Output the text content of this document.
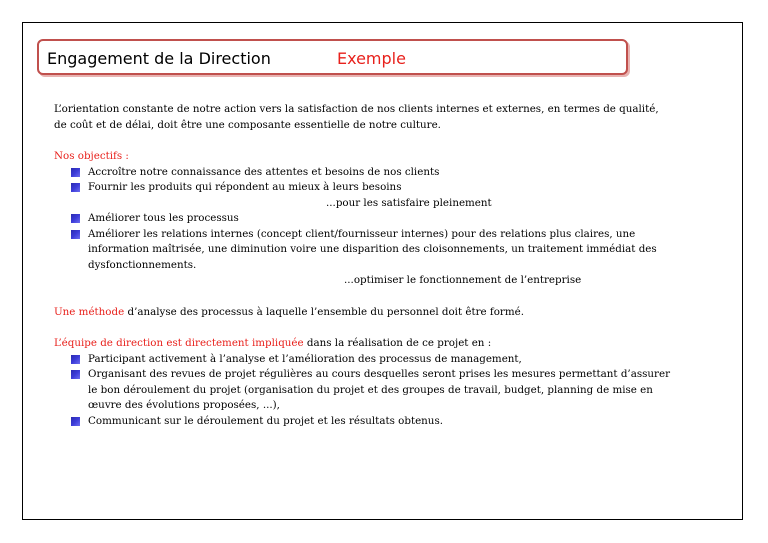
Engagement de la Direction	Exemple

L’orientation constante de notre action vers la satisfaction de nos clients internes et externes, en termes de qualité, de coût et de délai, doit être une composante essentielle de notre culture.

Nos objectifs :

Accroître notre connaissance des attentes et besoins de nos clients
Fournir les produits qui répondent au mieux à leurs besoins

...pour les satisfaire pleinement

Améliorer tous les processus
Améliorer les relations internes (concept client/fournisseur internes) pour des relations plus claires, une information maîtrisée, une diminution voire une disparition des cloisonnements, un traitement immédiat des dysfonctionnements.

...optimiser le fonctionnement de l’entreprise

Une méthode d’analyse des processus à laquelle l’ensemble du personnel doit être formé.

L’équipe de direction est directement impliquée dans la réalisation de ce projet en :

Participant activement à l’analyse et l’amélioration des processus de management,
Organisant des revues de projet régulières au cours desquelles seront prises les mesures permettant d’assurer le bon déroulement du projet (organisation du projet et des groupes de travail, budget, planning de mise en œuvre des évolutions proposées, ...),
Communicant sur le déroulement du projet et les résultats obtenus.
